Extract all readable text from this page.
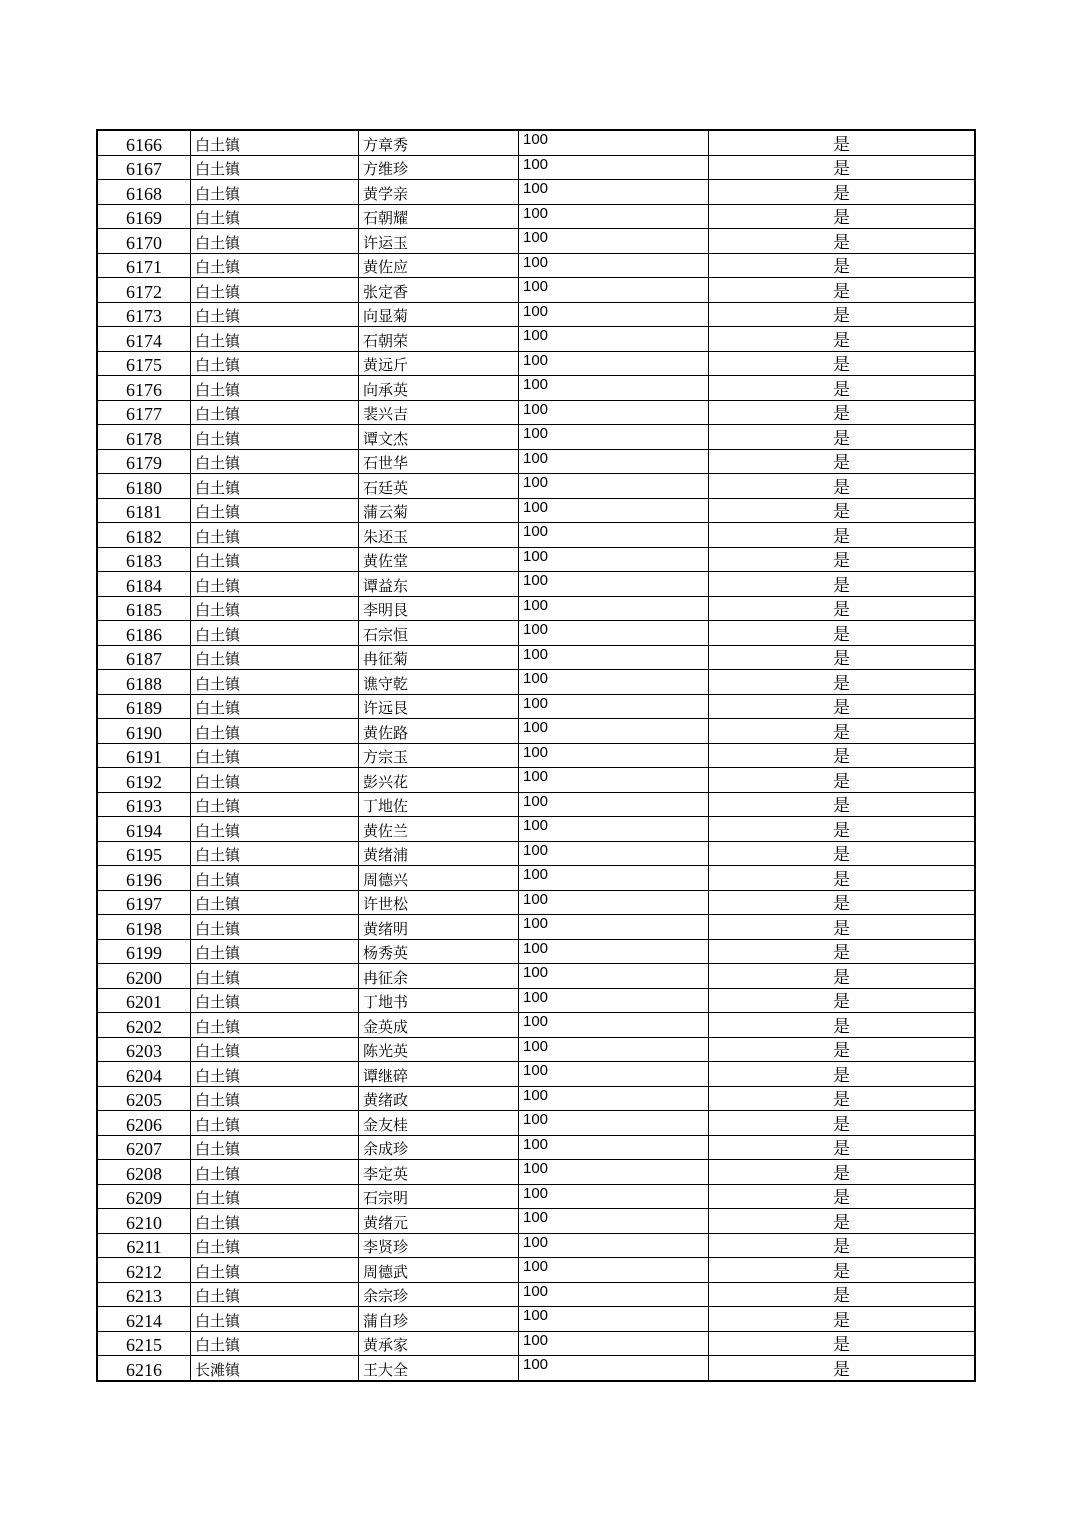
6166	白土镇	方章秀	100	是
6167	白土镇	方维珍	100	是
6168	白土镇	黄学亲	100	是
6169	白土镇	石朝耀	100	是
6170	白土镇	许运玉	100	是
6171	白土镇	黄佐应	100	是
6172	白土镇	张定香	100	是
6173	白土镇	向显菊	100	是
6174	白土镇	石朝荣	100	是
6175	白土镇	黄远斤	100	是
6176	白土镇	向承英	100	是
6177	白土镇	裴兴吉	100	是
6178	白土镇	谭文杰	100	是
6179	白土镇	石世华	100	是
6180	白土镇	石廷英	100	是
6181	白土镇	蒲云菊	100	是
6182	白土镇	朱还玉	100	是
6183	白土镇	黄佐堂	100	是
6184	白土镇	谭益东	100	是
6185	白土镇	李明艮	100	是
6186	白土镇	石宗恒	100	是
6187	白土镇	冉征菊	100	是
6188	白土镇	谯守乾	100	是
6189	白土镇	许远艮	100	是
6190	白土镇	黄佐路	100	是
6191	白土镇	方宗玉	100	是
6192	白土镇	彭兴花	100	是
6193	白土镇	丁地佐	100	是
6194	白土镇	黄佐兰	100	是
6195	白土镇	黄绪浦	100	是
6196	白土镇	周德兴	100	是
6197	白土镇	许世松	100	是
6198	白土镇	黄绪明	100	是
6199	白土镇	杨秀英	100	是
6200	白土镇	冉征余	100	是
6201	白土镇	丁地书	100	是
6202	白土镇	金英成	100	是
6203	白土镇	陈光英	100	是
6204	白土镇	谭继碎	100	是
6205	白土镇	黄绪政	100	是
6206	白土镇	金友桂	100	是
6207	白土镇	余成珍	100	是
6208	白土镇	李定英	100	是
6209	白土镇	石宗明	100	是
6210	白土镇	黄绪元	100	是
6211	白土镇	李贤珍	100	是
6212	白土镇	周德武	100	是
6213	白土镇	余宗珍	100	是
6214	白土镇	蒲自珍	100	是
6215	白土镇	黄承家	100	是
6216	长滩镇	王大全	100	是
